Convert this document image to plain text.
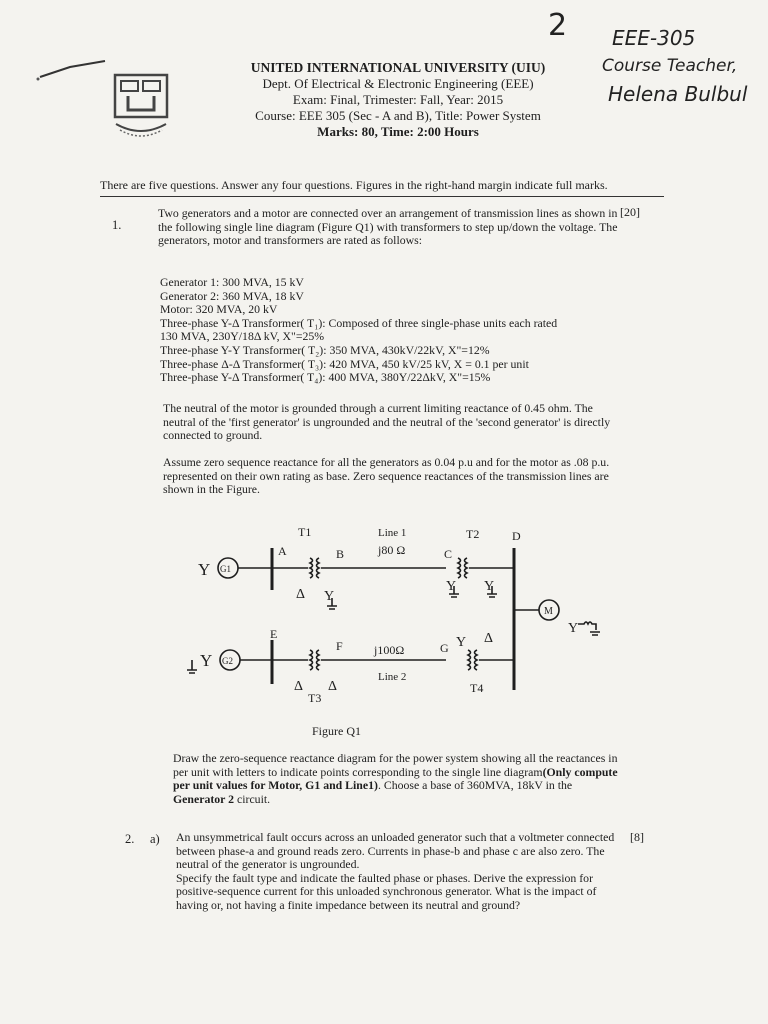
2 EEE-305
Course Teacher,
Helena Bulbul
UNITED INTERNATIONAL UNIVERSITY (UIU)
Dept. Of Electrical & Electronic Engineering (EEE)
Exam: Final, Trimester: Fall, Year: 2015
Course: EEE 305 (Sec - A and B), Title: Power System
Marks: 80, Time: 2:00 Hours
There are five questions. Answer any four questions. Figures in the right-hand margin indicate full marks.
1.
[20]
Two generators and a motor are connected over an arrangement of transmission lines as shown in the following single line diagram (Figure Q1) with transformers to step up/down the voltage. The generators, motor and transformers are rated as follows:
Generator 1: 300 MVA, 15 kV
Generator 2: 360 MVA, 18 kV
Motor: 320 MVA, 20 kV
Three-phase Y-Δ Transformer( T₁): Composed of three single-phase units each rated
130 MVA, 230Y/18Δ kV, X"=25%
Three-phase Y-Y Transformer( T₂): 350 MVA, 430kV/22kV, X"=12%
Three-phase Δ-Δ Transformer( T₃): 420 MVA, 450 kV/25 kV, X = 0.1 per unit
Three-phase Y-Δ Transformer( T₄): 400 MVA, 380Y/22ΔkV, X"=15%
The neutral of the motor is grounded through a current limiting reactance of 0.45 ohm. The neutral of the 'first generator' is ungrounded and the neutral of the 'second generator' is directly connected to ground.
Assume zero sequence reactance for all the generators as 0.04 p.u and for the motor as .08 p.u. represented on their own rating as base. Zero sequence reactances of the transmission lines are shown in the Figure.
Y G1
A
T1
Δ Y
B
Line 1
j80 Ω	C
T2
Y Y
D
M
Y
Y G2
E
Δ Δ
T3
F	j100Ω
Line 2
G Y Δ
T4
Figure Q1
Draw the zero-sequence reactance diagram for the power system showing all the reactances in per unit with letters to indicate points corresponding to the single line diagram(Only compute per unit values for Motor, G1 and Line1). Choose a base of 360MVA, 18kV in the Generator 2 circuit.
2. a)	[8]
An unsymmetrical fault occurs across an unloaded generator such that a voltmeter connected between phase-a and ground reads zero. Currents in phase-b and phase c are also zero. The neutral of the generator is ungrounded.
Specify the fault type and indicate the faulted phase or phases. Derive the expression for positive-sequence current for this unloaded synchronous generator. What is the impact of having or, not having a finite impedance between its neutral and ground?
